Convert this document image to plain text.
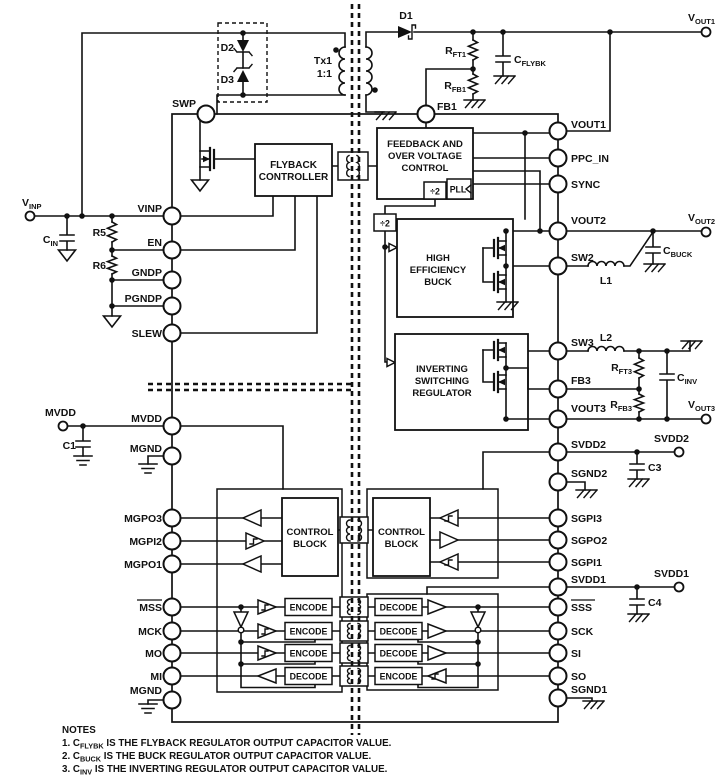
FLYBACK
CONTROLLER
FEEDBACK AND
OVER VOLTAGE
CONTROL
÷2 PLL
÷2
HIGH
EFFICIENCY
BUCK
INVERTING
SWITCHING
REGULATOR
CONTROL
BLOCK
CONTROL
BLOCK
ENCODE
ENCODE
ENCODE
DECODE
DECODE
DECODE
DECODE
ENCODE
SWP	FB1
VINP
EN
GNDP
PGNDP
SLEW
MVDD
MGND
MGPO3
MGPI2
MGPO1
MSS
MCK
MO
MI
MGND
VOUT1
PPC_IN
SYNC
VOUT2
SW2
SW3
FB3
VOUT3
SVDD2
SGND2
SGPI3
SGPO2
SGPI1
SVDD1
SSS
SCK
SI
SO
SGND1
$V_{INP}$
MVDD
$V_{OUT1}$
$V_{OUT2}$
$V_{OUT3}$
SVDD2
SVDD1
D1
D2
D3
Tx1
1:1
R5
R6
$C_{IN}$
C1
$R_{FT1}$
$R_{FB1}$
$C_{FLYBK}$
L1
$C_{BUCK}$
L2
$R_{FT3}$
$R_{FB3}$
$C_{INV}$
C3
C4
NOTES
1. $C_{FLYBK}$ IS THE FLYBACK REGULATOR OUTPUT CAPACITOR VALUE.
2. $C_{BUCK}$ IS THE BUCK REGULATOR OUTPUT CAPACITOR VALUE.
3. $C_{INV}$ IS THE INVERTING REGULATOR OUTPUT CAPACITOR VALUE.
